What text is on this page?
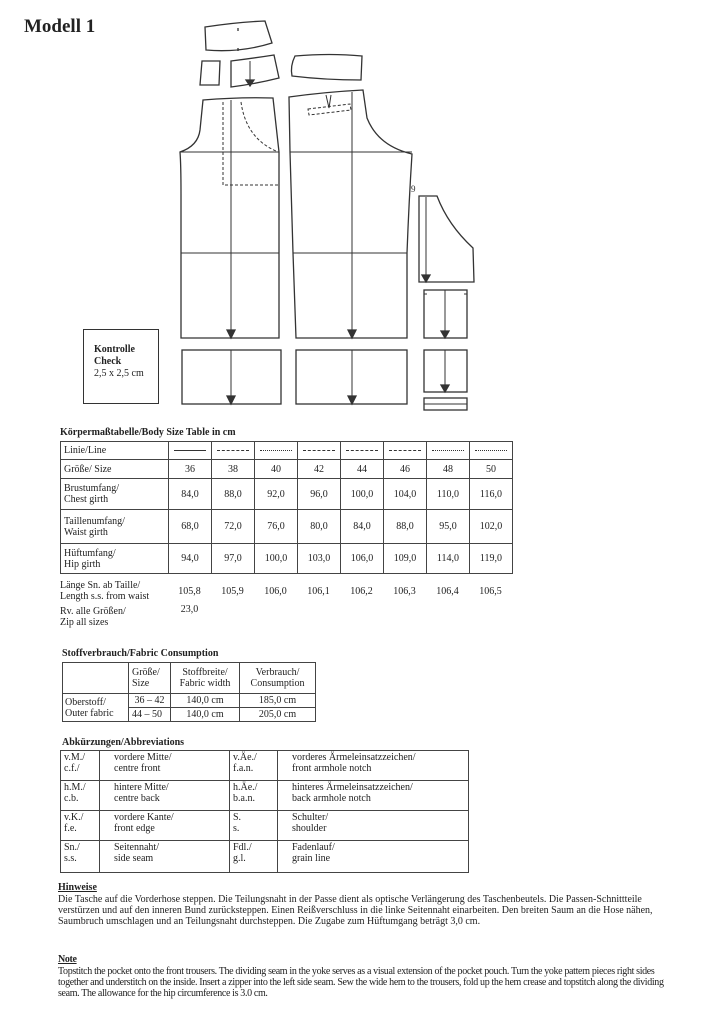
Modell 1
9
Kontrolle
Check
2,5 x 2,5 cm
Körpermaßtabelle/Body Size Table in cm
Linie/Line	

Größe/ Size	36	38	40	42	44	46	48	50
Brustumfang/
Chest girth	84,0	88,0	92,0	96,0	100,0	104,0	110,0	116,0
Taillenumfang/
Waist girth	68,0	72,0	76,0	80,0	84,0	88,0	95,0	102,0
Hüftumfang/
Hip girth	94,0	97,0	100,0	103,0	106,0	109,0	114,0	119,0
Länge Sn. ab Taille/
Length s.s. from waist	105,8	105,9	106,0	106,1	106,2	106,3	106,4	106,5
Rv. alle Größen/
Zip all sizes	23,0							
Stoffverbrauch/Fabric Consumption
	Größe/
Size	Stoffbreite/
Fabric width	Verbrauch/
Consumption
Oberstoff/
Outer fabric	36 – 42	140,0 cm	185,0 cm
	44 – 50	140,0 cm	205,0 cm
Abkürzungen/Abbreviations
v.M./
c.f./	vordere Mitte/
centre front	v.Äe./
f.a.n.	vorderes Ärmeleinsatzzeichen/
front armhole notch
h.M./
c.b.	hintere Mitte/
centre back	h.Äe./
b.a.n.	hinteres Ärmeleinsatzzeichen/
back armhole notch
v.K./
f.e.	vordere Kante/
front edge	S.
s.	Schulter/
shoulder
Sn./
s.s.	Seitennaht/
side seam	Fdl./
g.l.	Fadenlauf/
grain line
Hinweise

Die Tasche auf die Vorderhose steppen. Die Teilungsnaht in der Passe dient als optische Verlängerung des Taschenbeutels. Die Passen-Schnittteile verstürzen und auf den inneren Bund zurücksteppen. Einen Reißverschluss in die linke Seitennaht einarbeiten. Den breiten Saum an die Hose nähen, Saumbruch umschlagen und an Teilungsnaht durchsteppen. Die Zugabe zum Hüftumgang beträgt 3,0 cm.

Note

Topstitch the pocket onto the front trousers. The dividing seam in the yoke serves as a visual extension of the pocket pouch. Turn the yoke pattern pieces right sides together and understitch on the inside. Insert a zipper into the left side seam. Sew the wide hem to the trousers, fold up the hem crease and topstitch along the dividing seam. The allowance for the hip circumference is 3.0 cm.
